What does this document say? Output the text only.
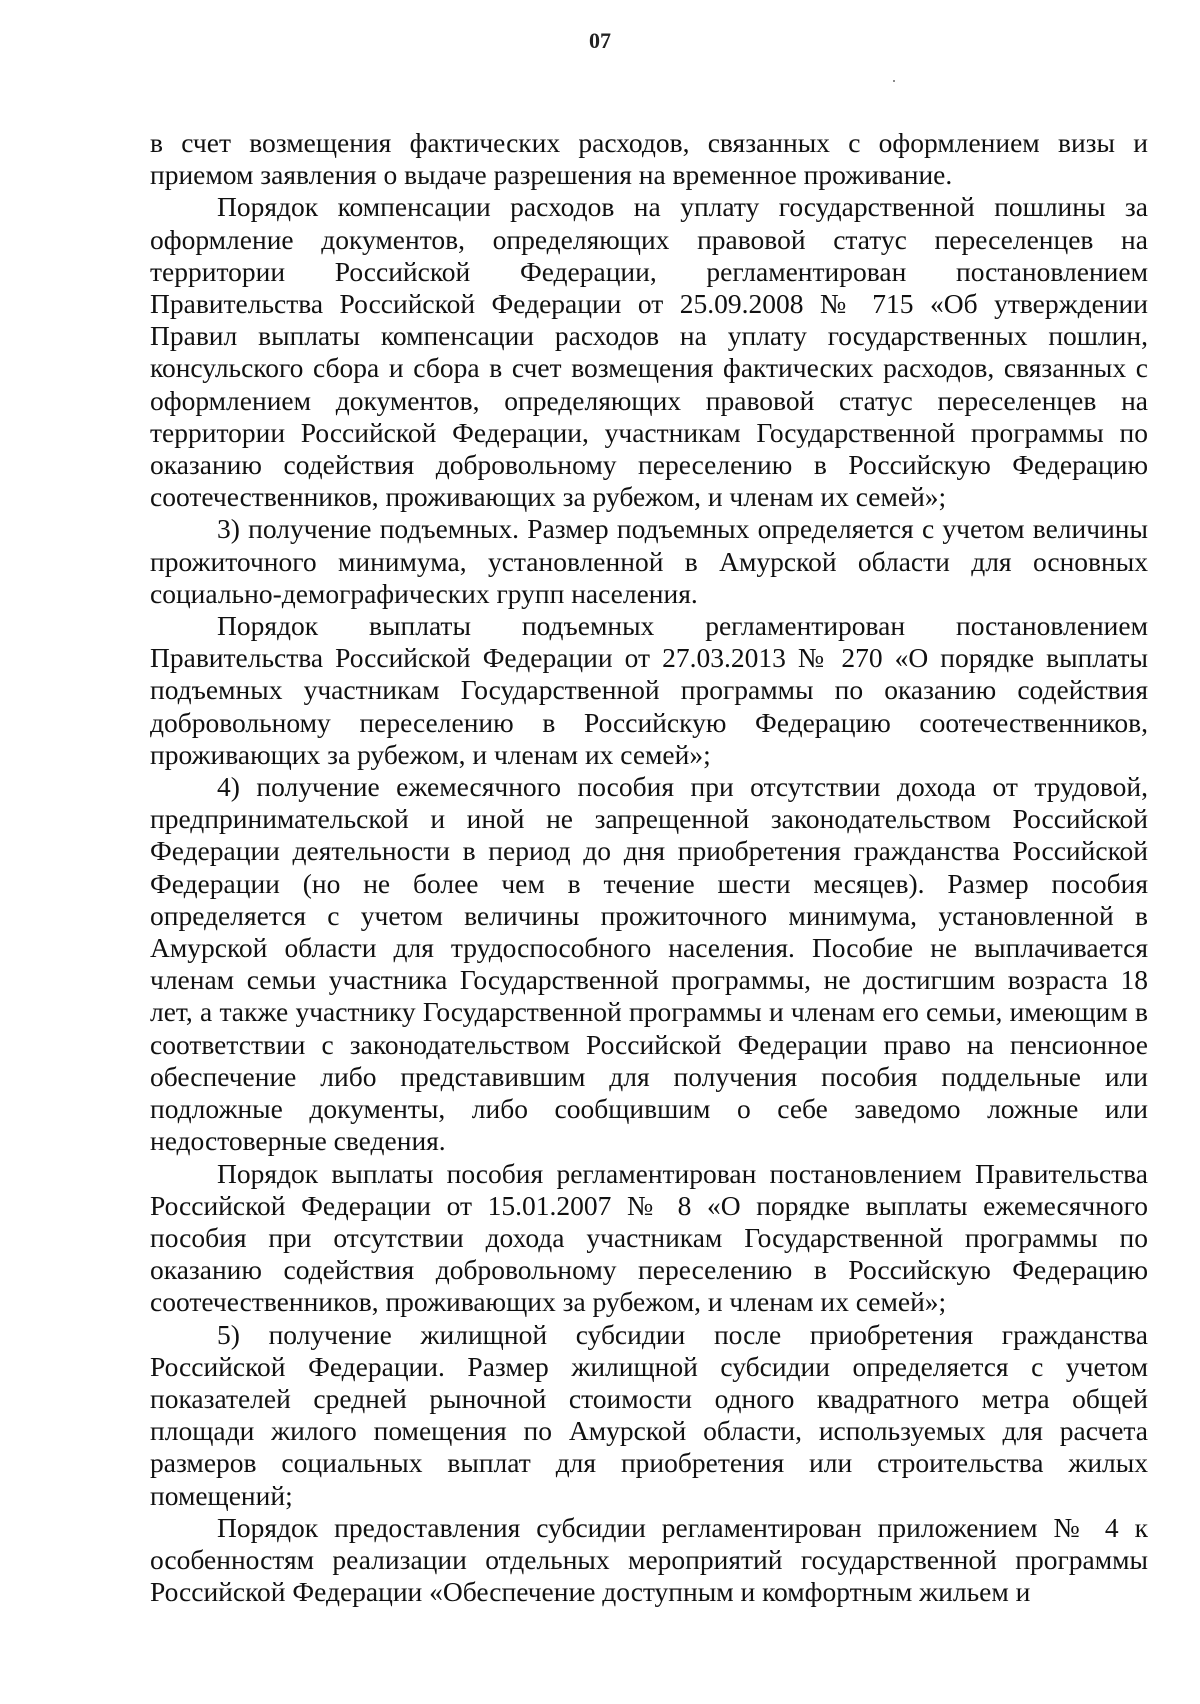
07

в счет возмещения фактических расходов, связанных с оформлением визы и приемом заявления о выдаче разрешения на временное проживание.

Порядок компенсации расходов на уплату государственной пошлины за оформление документов, определяющих правовой статус переселенцев на территории Российской Федерации, регламентирован постановлением Правительства Российской Федерации от 25.09.2008 № 715 «Об утверждении Правил выплаты компенсации расходов на уплату государственных пошлин, консульского сбора и сбора в счет возмещения фактических расходов, связанных с оформлением документов, определяющих правовой статус переселенцев на территории Российской Федерации, участникам Государственной программы по оказанию содействия добровольному переселению в Российскую Федерацию соотечественников, проживающих за рубежом, и членам их семей»;

3) получение подъемных. Размер подъемных определяется с учетом величины прожиточного минимума, установленной в Амурской области для основных социально-демографических групп населения.

Порядок выплаты подъемных регламентирован постановлением Правительства Российской Федерации от 27.03.2013 № 270 «О порядке выплаты подъемных участникам Государственной программы по оказанию содействия добровольному переселению в Российскую Федерацию соотечественников, проживающих за рубежом, и членам их семей»;

4) получение ежемесячного пособия при отсутствии дохода от трудовой, предпринимательской и иной не запрещенной законодательством Российской Федерации деятельности в период до дня приобретения гражданства Российской Федерации (но не более чем в течение шести месяцев). Размер пособия определяется с учетом величины прожиточного минимума, установленной в Амурской области для трудоспособного населения. Пособие не выплачивается членам семьи участника Государственной программы, не достигшим возраста 18 лет, а также участнику Государственной программы и членам его семьи, имеющим в соответствии с законодательством Российской Федерации право на пенсионное обеспечение либо представившим для получения пособия поддельные или подложные документы, либо сообщившим о себе заведомо ложные или недостоверные сведения.

Порядок выплаты пособия регламентирован постановлением Правительства Российской Федерации от 15.01.2007 № 8 «О порядке выплаты ежемесячного пособия при отсутствии дохода участникам Государственной программы по оказанию содействия добровольному переселению в Российскую Федерацию соотечественников, проживающих за рубежом, и членам их семей»;

5) получение жилищной субсидии после приобретения гражданства Российской Федерации. Размер жилищной субсидии определяется с учетом показателей средней рыночной стоимости одного квадратного метра общей площади жилого помещения по Амурской области, используемых для расчета размеров социальных выплат для приобретения или строительства жилых помещений;

Порядок предоставления субсидии регламентирован приложением № 4 к особенностям реализации отдельных мероприятий государственной программы Российской Федерации «Обеспечение доступным и комфортным жильем и
